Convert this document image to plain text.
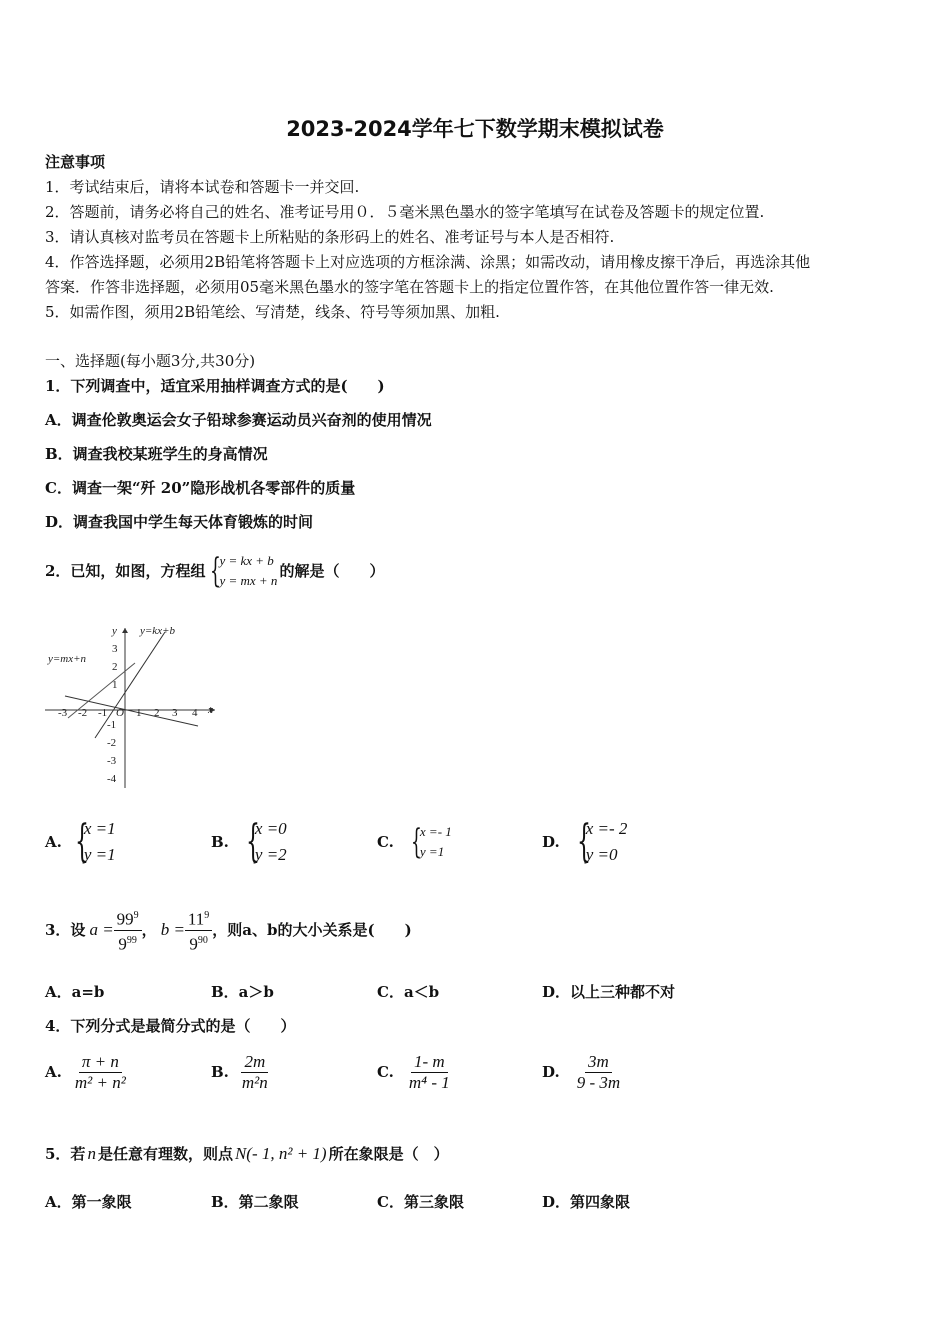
2023-2024学年七下数学期末模拟试卷
注意事项
1．考试结束后，请将本试卷和答题卡一并交回.
2．答题前，请务必将自己的姓名、准考证号用０．５毫米黑色墨水的签字笔填写在试卷及答题卡的规定位置.
3．请认真核对监考员在答题卡上所粘贴的条形码上的姓名、准考证号与本人是否相符.
4．作答选择题，必须用2B铅笔将答题卡上对应选项的方框涂满、涂黑；如需改动，请用橡皮擦干净后，再选涂其他
答案．作答非选择题，必须用05毫米黑色墨水的签字笔在答题卡上的指定位置作答，在其他位置作答一律无效.
5．如需作图，须用2B铅笔绘、写清楚，线条、符号等须加黑、加粗.
一、选择题(每小题3分,共30分)
1．下列调查中，适宜采用抽样调查方式的是(　　)
A．调查伦敦奥运会女子铅球参赛运动员兴奋剂的使用情况
B．调查我校某班学生的身高情况
C．调查一架“歼 20”隐形战机各零部件的质量
D．调查我国中学生每天体育锻炼的时间
2．已知，如图，方程组 {
y = kx + b
y = mx + n
的解是（　　）
y=kx+b
y=mx+n
x
y
-3 -2 -1 O 1 2 3 4
3
2
1
-1
-2
-3
-4
A. {
x =1
y =1
B. {
x =0
y =2
C. {
x =- 1
y =1
D. {
x =- 2
y =0
3．设 $a = \frac{99^9}{9^{99}}$ ， $b = \frac{11^9}{9^{90}}$ ，则a、b的大小关系是(　　)
A．a=b	B．a＞b	C．a＜b	D．以上三种都不对
4．下列分式是最简分式的是（　　）
A. $\frac{\pi + n}{\text{m² + n²}}$	B. $\frac{2m}{\text{m²n}}$	C. $\frac{1- m}{\text{m⁴ - 1}}$	D. $\frac{3m}{9 - 3m}$
5．若 n 是任意有理数，则点 N(- 1, n² + 1) 所在象限是（　）
A．第一象限	B．第二象限	C．第三象限	D．第四象限
